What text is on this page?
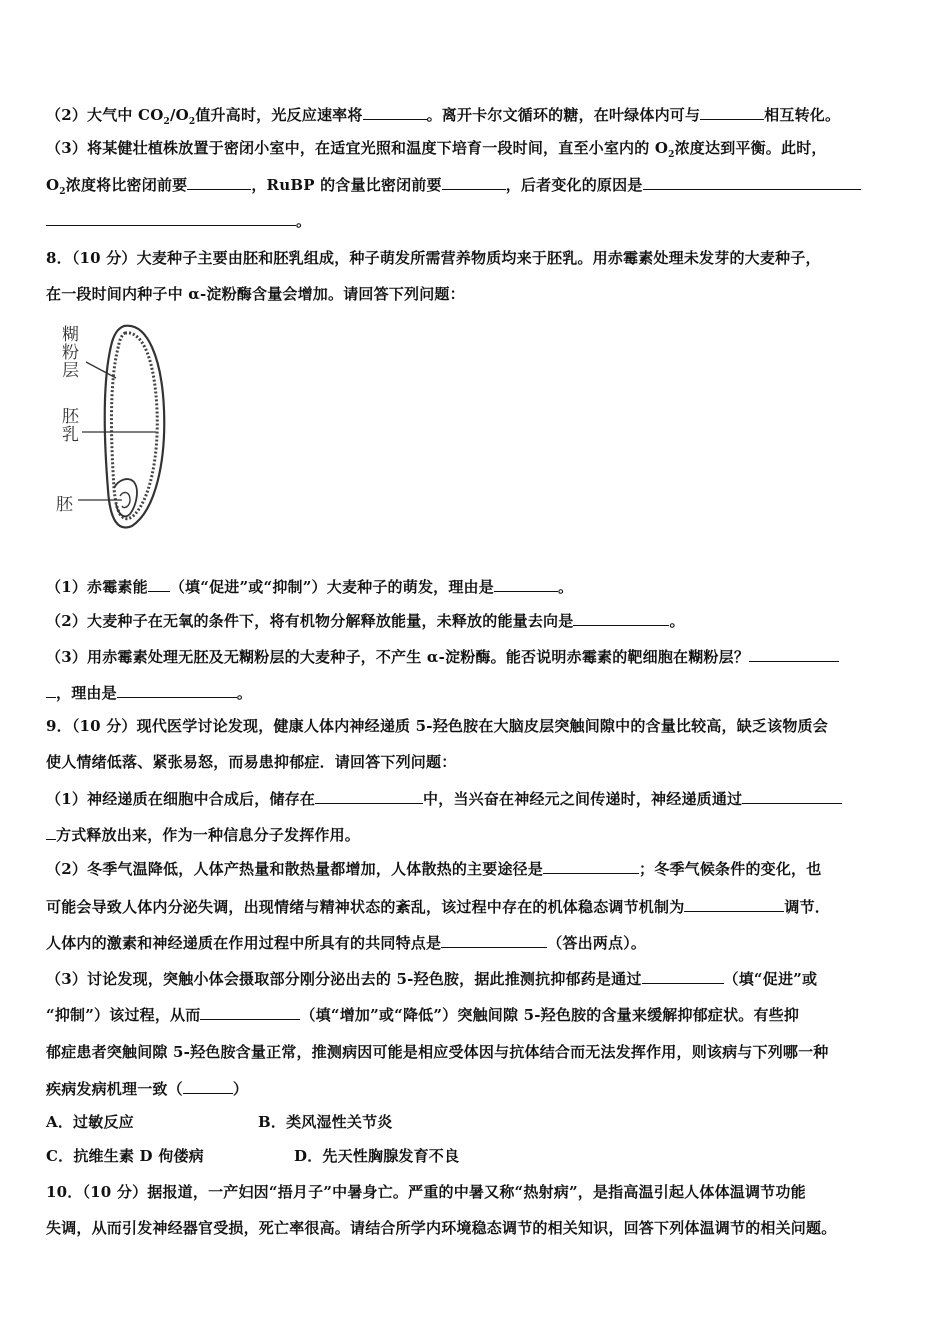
（2）大气中 $CO_2/O_2$值升高时，光反应速率将	。离开卡尔文循环的糖，在叶绿体内可与	相互转化。
（3）将某健壮植株放置于密闭小室中，在适宜光照和温度下培育一段时间，直至小室内的 $O_2$浓度达到平衡。此时，
$O_2$浓度将比密闭前要	，RuBP 的含量比密闭前要	，后者变化的原因是
。
8．（10 分）大麦种子主要由胚和胚乳组成，种子萌发所需营养物质均来于胚乳。用赤霉素处理未发芽的大麦种子，
在一段时间内种子中 α-淀粉酶含量会增加。请回答下列问题：
糊粉层
胚乳
胚
（1）赤霉素能 （填“促进”或“抑制”）大麦种子的萌发，理由是	。
（2）大麦种子在无氧的条件下，将有机物分解释放能量，未释放的能量去向是	。
（3）用赤霉素处理无胚及无糊粉层的大麦种子，不产生 α-淀粉酶。能否说明赤霉素的靶细胞在糊粉层？
，理由是	。
9．（10 分）现代医学讨论发现，健康人体内神经递质 5-羟色胺在大脑皮层突触间隙中的含量比较高，缺乏该物质会
使人情绪低落、紧张易怒，而易患抑郁症．请回答下列问题：
（1）神经递质在细胞中合成后，储存在	中，当兴奋在神经元之间传递时，神经递质通过
方式释放出来，作为一种信息分子发挥作用。
（2）冬季气温降低，人体产热量和散热量都增加，人体散热的主要途径是	；冬季气候条件的变化，也
可能会导致人体内分泌失调，出现情绪与精神状态的紊乱，该过程中存在的机体稳态调节机制为	调节．
人体内的激素和神经递质在作用过程中所具有的共同特点是	（答出两点）。
（3）讨论发现，突触小体会摄取部分刚分泌出去的 5-羟色胺，据此推测抗抑郁药是通过	（填“促进”或
“抑制”）该过程，从而	（填“增加”或“降低”）突触间隙 5-羟色胺的含量来缓解抑郁症状。有些抑
郁症患者突触间隙 5-羟色胺含量正常，推测病因可能是相应受体因与抗体结合而无法发挥作用，则该病与下列哪一种
疾病发病机理一致（	）
A．过敏反应	B．类风湿性关节炎
C．抗维生素 D 佝偻病	D．先天性胸腺发育不良
10．（10 分）据报道，一产妇因“捂月子”中暑身亡。严重的中暑又称“热射病”，是指高温引起人体体温调节功能
失调，从而引发神经器官受损，死亡率很高。请结合所学内环境稳态调节的相关知识，回答下列体温调节的相关问题。
